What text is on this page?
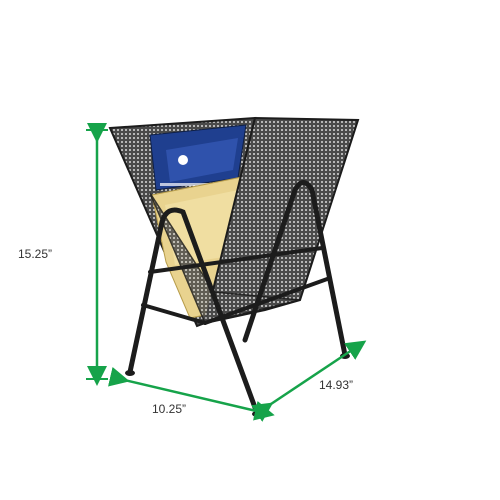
15.25”
10.25”
14.93”
